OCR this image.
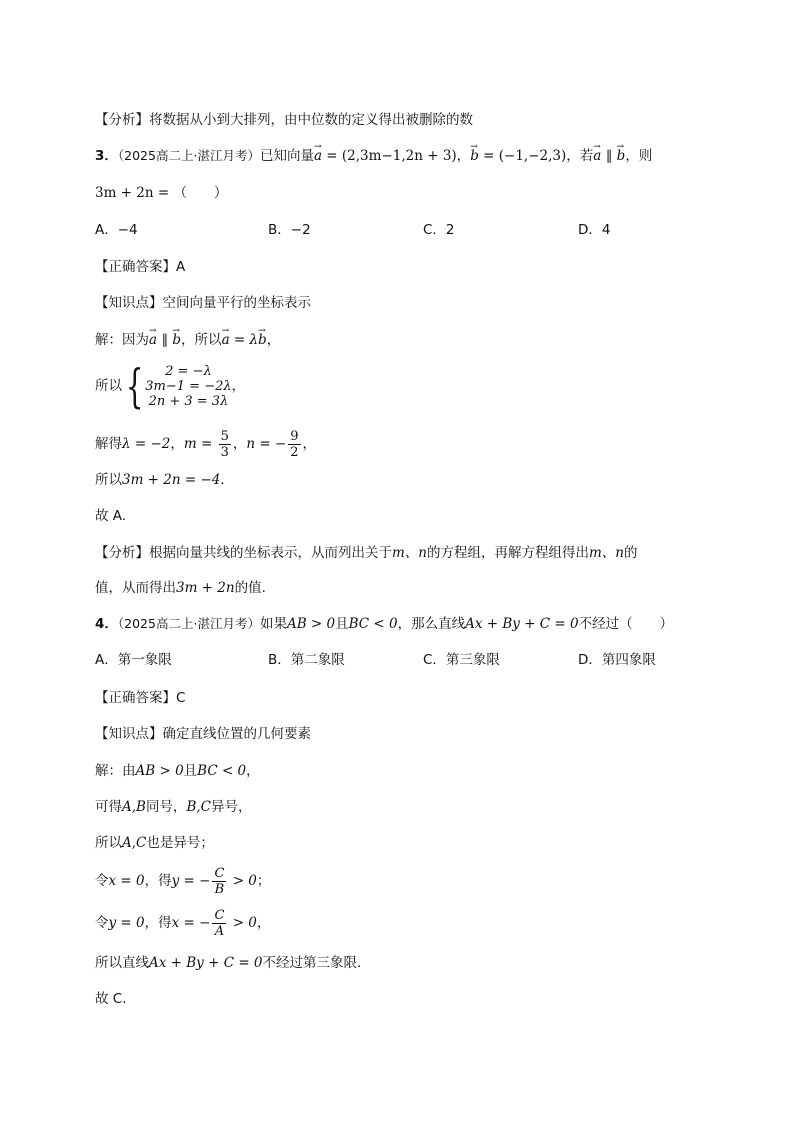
【分析】将数据从小到大排列，由中位数的定义得出被删除的数
3．（2025高二上·湛江月考）已知向量→ a = (2,3m−1,2n + 3)，→ b = (−1,−2,3)，若→ a ∥ → b，则
3m + 2n = （　　）
A．−4	B．−2	C．2	D．4
【正确答案】A
【知识点】空间向量平行的坐标表示
解：因为→ a ∥ → b，所以→ a = λ→ b，
所以 {	2 = −λ
3m−1 = −2λ
2n + 3 = 3λ
，
解得λ = −2，$m = \frac{5}{3}$ ，n = − $\frac{9}{2}$ ，
所以3m + 2n = −4.
故 A.
【分析】根据向量共线的坐标表示，从而列出关于m、n的方程组，再解方程组得出m、n的
值，从而得出3m + 2n的值.
4．（2025高二上·湛江月考）如果AB > 0且BC < 0，那么直线Ax + By + C = 0不经过（　　）
A．第一象限	B．第二象限	C．第三象限	D．第四象限
【正确答案】C
【知识点】确定直线位置的几何要素
解：由AB > 0且BC < 0，
可得A,B同号，B,C异号，
所以A,C也是异号；
令x = 0，得y = − $\frac{C}{B} > 0$；
令y = 0，得x = − $\frac{C}{A} > 0$，
所以直线Ax + By + C = 0不经过第三象限.
故 C.
